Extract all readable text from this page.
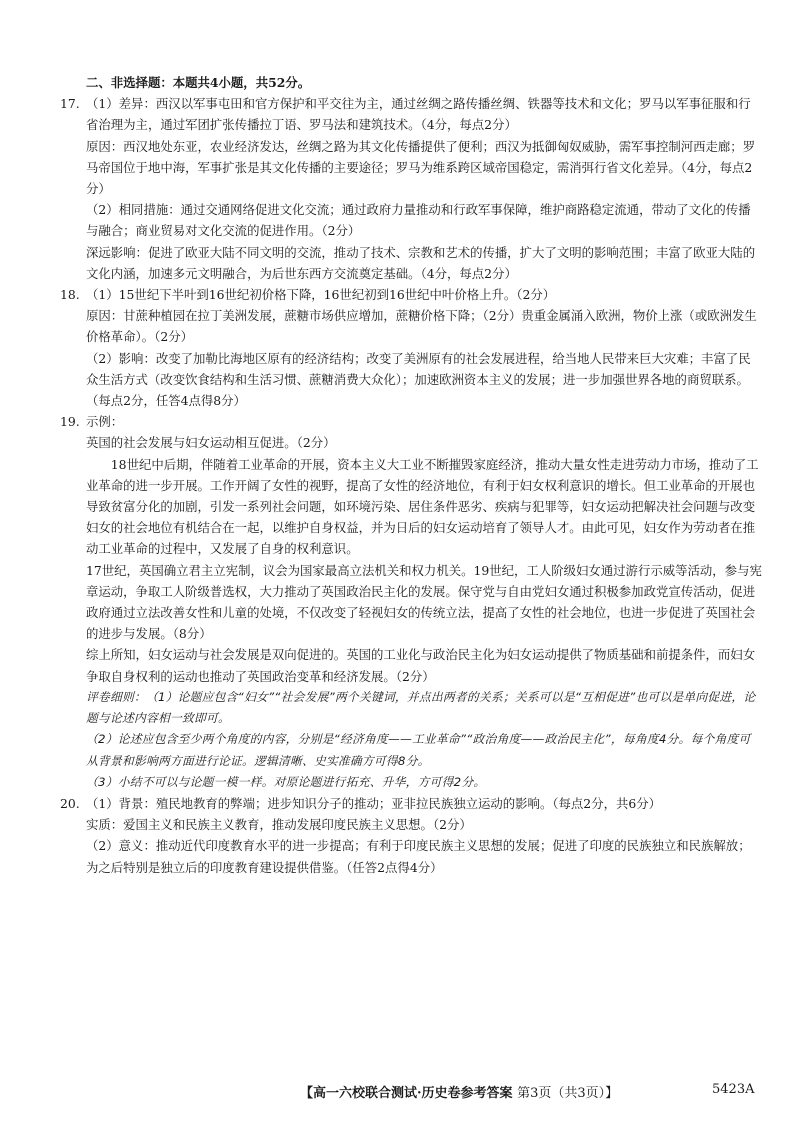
二、非选择题：本题共4小题，共52分。
17. （1）差异：西汉以军事屯田和官方保护和平交往为主，通过丝绸之路传播丝绸、铁器等技术和文化；罗马以军事征服和行省治理为主，通过军团扩张传播拉丁语、罗马法和建筑技术。（4分，每点2分）
原因：西汉地处东亚，农业经济发达，丝绸之路为其文化传播提供了便利；西汉为抵御匈奴威胁，需军事控制河西走廊；罗马帝国位于地中海，军事扩张是其文化传播的主要途径；罗马为维系跨区域帝国稳定，需消弭行省文化差异。（4分，每点2分）
（2）相同措施：通过交通网络促进文化交流；通过政府力量推动和行政军事保障，维护商路稳定流通，带动了文化的传播与融合；商业贸易对文化交流的促进作用。（2分）
深远影响：促进了欧亚大陆不同文明的交流，推动了技术、宗教和艺术的传播，扩大了文明的影响范围；丰富了欧亚大陆的文化内涵，加速多元文明融合，为后世东西方交流奠定基础。（4分，每点2分）
18. （1）15世纪下半叶到16世纪初价格下降，16世纪初到16世纪中叶价格上升。（2分）
原因：甘蔗种植园在拉丁美洲发展，蔗糖市场供应增加，蔗糖价格下降；（2分）贵重金属涌入欧洲，物价上涨（或欧洲发生价格革命）。（2分）
（2）影响：改变了加勒比海地区原有的经济结构；改变了美洲原有的社会发展进程，给当地人民带来巨大灾难；丰富了民众生活方式（改变饮食结构和生活习惯、蔗糖消费大众化）；加速欧洲资本主义的发展；进一步加强世界各地的商贸联系。（每点2分，任答4点得8分）
19. 示例：
英国的社会发展与妇女运动相互促进。（2分）
18世纪中后期，伴随着工业革命的开展，资本主义大工业不断摧毁家庭经济，推动大量女性走进劳动力市场，推动了工业革命的进一步开展。工作开阔了女性的视野，提高了女性的经济地位，有利于妇女权利意识的增长。但工业革命的开展也导致贫富分化的加剧，引发一系列社会问题，如环境污染、居住条件恶劣、疾病与犯罪等，妇女运动把解决社会问题与改变妇女的社会地位有机结合在一起，以维护自身权益，并为日后的妇女运动培育了领导人才。由此可见，妇女作为劳动者在推动工业革命的过程中，又发展了自身的权利意识。
17世纪，英国确立君主立宪制，议会为国家最高立法机关和权力机关。19世纪，工人阶级妇女通过游行示威等活动，参与宪章运动，争取工人阶级普选权，大力推动了英国政治民主化的发展。保守党与自由党妇女通过积极参加政党宣传活动，促进政府通过立法改善女性和儿童的处境，不仅改变了轻视妇女的传统立法，提高了女性的社会地位，也进一步促进了英国社会的进步与发展。（8分）
综上所知，妇女运动与社会发展是双向促进的。英国的工业化与政治民主化为妇女运动提供了物质基础和前提条件，而妇女争取自身权利的运动也推动了英国政治变革和经济发展。（2分）
评卷细则：（1）论题应包含“妇女”“社会发展”两个关键词，并点出两者的关系；关系可以是“互相促进”也可以是单向促进，论题与论述内容相一致即可。
（2）论述应包含至少两个角度的内容，分别是“经济角度——工业革命”“政治角度——政治民主化”，每角度4分。每个角度可从背景和影响两方面进行论证。逻辑清晰、史实准确方可得8分。
（3）小结不可以与论题一模一样。对原论题进行拓充、升华，方可得2分。
20. （1）背景：殖民地教育的弊端；进步知识分子的推动；亚非拉民族独立运动的影响。（每点2分，共6分）
实质：爱国主义和民族主义教育，推动发展印度民族主义思想。（2分）
（2）意义：推动近代印度教育水平的进一步提高；有利于印度民族主义思想的发展；促进了印度的民族独立和民族解放；为之后特别是独立后的印度教育建设提供借鉴。（任答2点得4分）
【高一六校联合测试·历史卷参考答案 第3页（共3页）】	5423A
